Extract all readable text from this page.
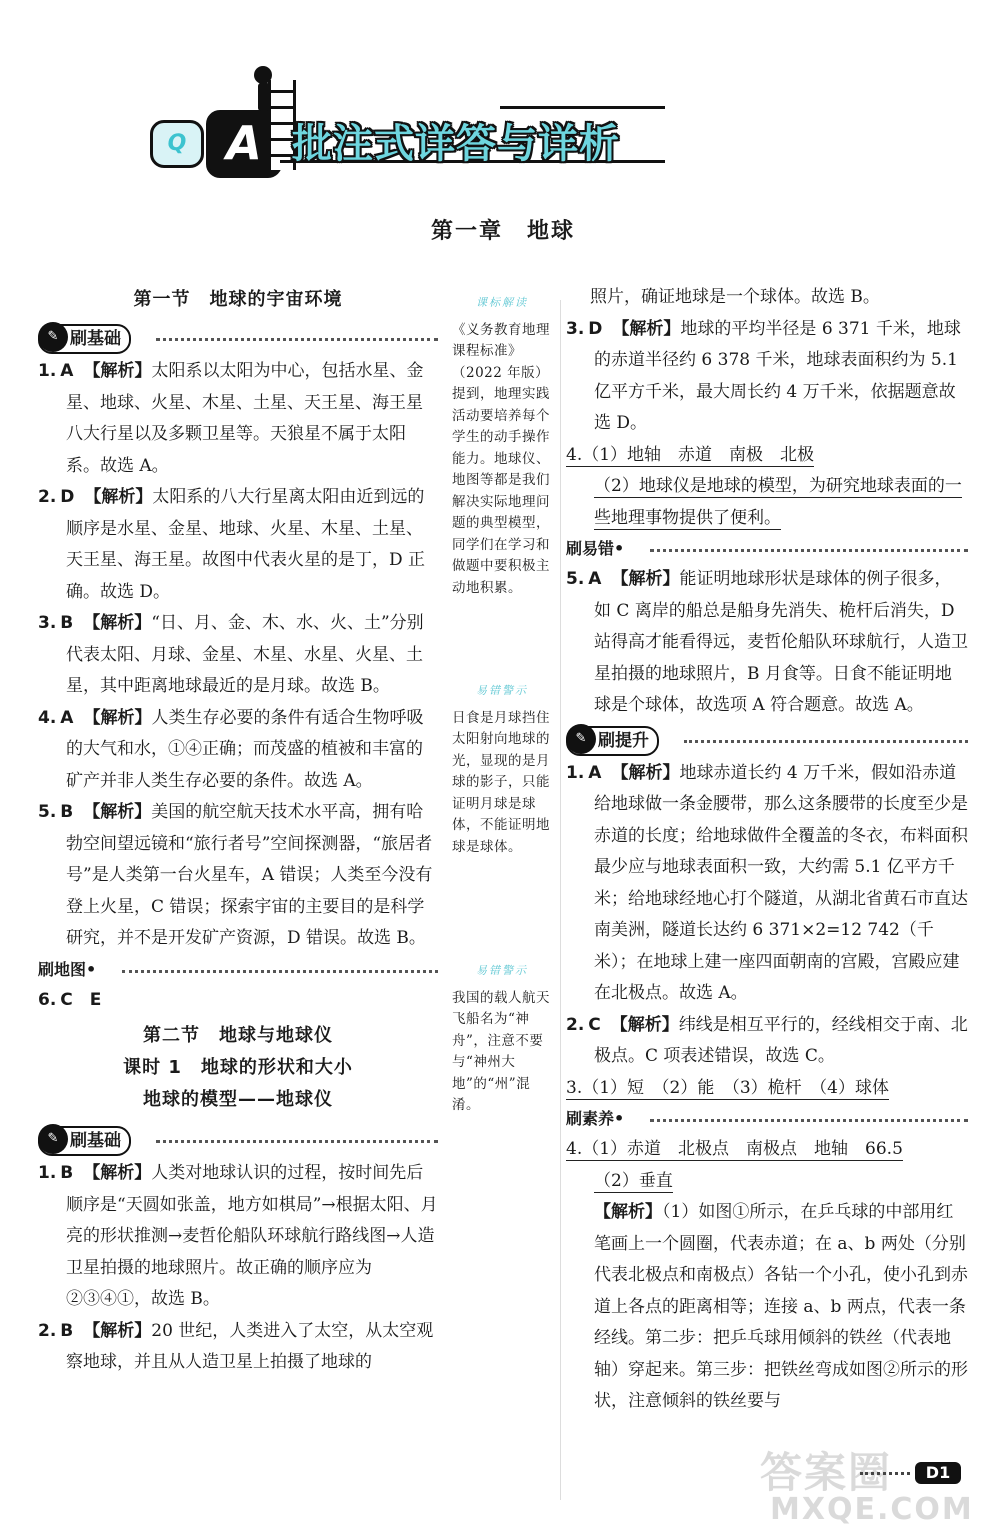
Q A 批注式详答与详析
第一章　地球

第一节　地球的宇宙环境

✎ 刷基础

1. A 【解析】太阳系以太阳为中心，包括水星、金星、地球、火星、木星、土星、天王星、海王星八大行星以及多颗卫星等。天狼星不属于太阳系。故选 A。

2. D 【解析】太阳系的八大行星离太阳由近到远的顺序是水星、金星、地球、火星、木星、土星、天王星、海王星。故图中代表火星的是丁，D 正确。故选 D。

3. B 【解析】“日、月、金、木、水、火、土”分别代表太阳、月球、金星、木星、水星、火星、土星，其中距离地球最近的是月球。故选 B。

4. A 【解析】人类生存必要的条件有适合生物呼吸的大气和水，①④正确；而茂盛的植被和丰富的矿产并非人类生存必要的条件。故选 A。

5. B 【解析】美国的航空航天技术水平高，拥有哈勃空间望远镜和“旅行者号”空间探测器，“旅居者号”是人类第一台火星车，A 错误；人类至今没有登上火星，C 错误；探索宇宙的主要目的是科学研究，并不是开发矿产资源，D 错误。故选 B。

刷地图•

6. C　E

第二节　地球与地球仪

课时 1　地球的形状和大小

地球的模型——地球仪

✎ 刷基础

1. B 【解析】人类对地球认识的过程，按时间先后顺序是“天圆如张盖，地方如棋局”→根据太阳、月亮的形状推测→麦哲伦船队环球航行路线图→人造卫星拍摄的地球照片。故正确的顺序应为②③④①，故选 B。

2. B 【解析】20 世纪，人类进入了太空，从太空观察地球，并且从人造卫星上拍摄了地球的

课标解读

《义务教育地理课程标准》（2022 年版）提到，地理实践活动要培养每个学生的动手操作能力。地球仪、地图等都是我们解决实际地理问题的典型模型，同学们在学习和做题中要积极主动地积累。

易错警示

日食是月球挡住太阳射向地球的光，显现的是月球的影子，只能证明月球是球体，不能证明地球是球体。

易错警示

我国的载人航天飞船名为“神舟”，注意不要与“神州大地”的“州”混淆。

照片，确证地球是一个球体。故选 B。

3. D 【解析】地球的平均半径是 6 371 千米，地球的赤道半径约 6 378 千米，地球表面积约为 5.1 亿平方千米，最大周长约 4 万千米，依据题意故选 D。

4.（1）地轴　赤道　南极　北极

（2）地球仪是地球的模型，为研究地球表面的一些地理事物提供了便利。

刷易错•

5. A 【解析】能证明地球形状是球体的例子很多，如 C 离岸的船总是船身先消失、桅杆后消失，D 站得高才能看得远，麦哲伦船队环球航行，人造卫星拍摄的地球照片，B 月食等。日食不能证明地球是个球体，故选项 A 符合题意。故选 A。

✎ 刷提升

1. A 【解析】地球赤道长约 4 万千米，假如沿赤道给地球做一条金腰带，那么这条腰带的长度至少是赤道的长度；给地球做件全覆盖的冬衣，布料面积最少应与地球表面积一致，大约需 5.1 亿平方千米；给地球经地心打个隧道，从湖北省黄石市直达南美洲，隧道长达约 6 371×2=12 742（千米）；在地球上建一座四面朝南的宫殿，宫殿应建在北极点。故选 A。

2. C 【解析】纬线是相互平行的，经线相交于南、北极点。C 项表述错误，故选 C。

3.（1）短　（2）能　（3）桅杆　（4）球体

刷素养•

4.（1）赤道　北极点　南极点　地轴　66.5

（2）垂直

【解析】（1）如图①所示，在乒乓球的中部用红笔画上一个圆圈，代表赤道；在 a、b 两处（分别代表北极点和南极点）各钻一个小孔，使小孔到赤道上各点的距离相等；连接 a、b 两点，代表一条经线。第二步：把乒乓球用倾斜的铁丝（代表地轴）穿起来。第三步：把铁丝弯成如图②所示的形状，注意倾斜的铁丝要与

答案圈
MXQE.COM
D1
